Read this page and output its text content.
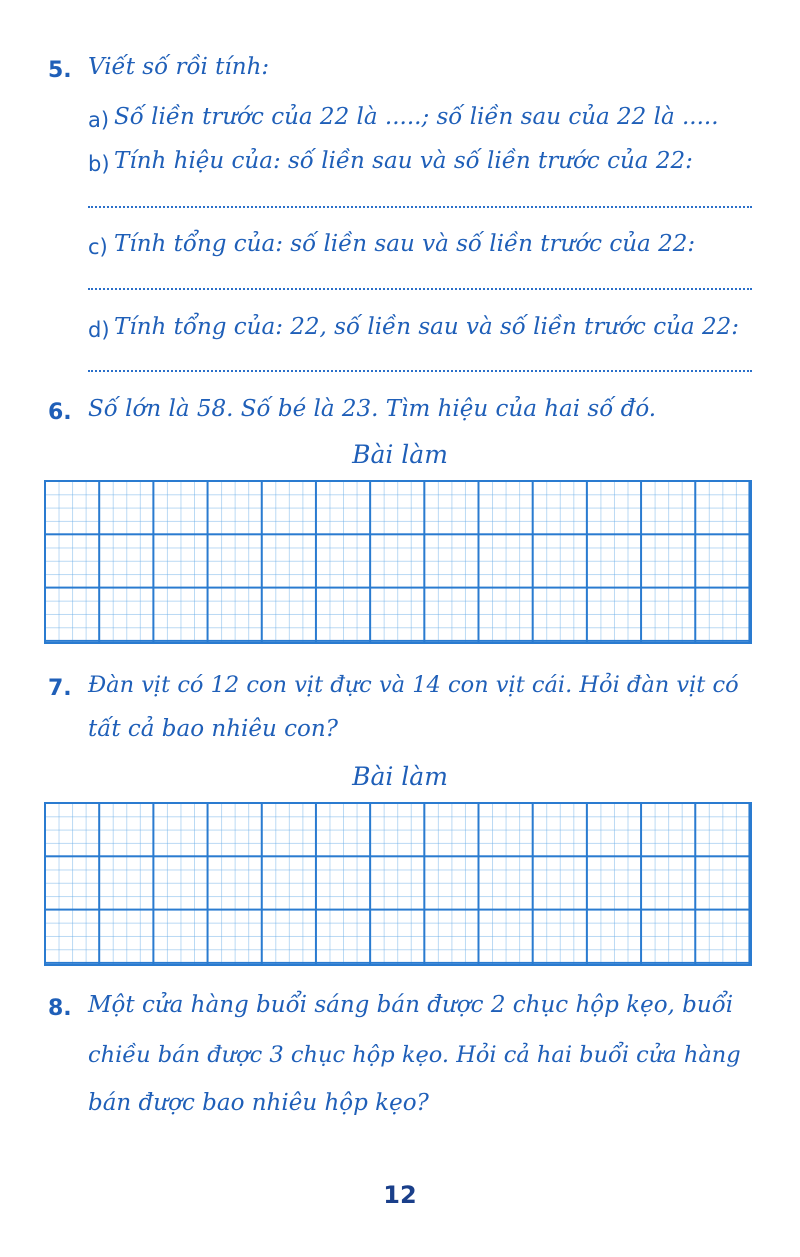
5. Viết số rồi tính:
a) Số liền trước của 22 là .....; số liền sau của 22 là .....
b) Tính hiệu của: số liền sau và số liền trước của 22:
c) Tính tổng của: số liền sau và số liền trước của 22:
d) Tính tổng của: 22, số liền sau và số liền trước của 22:
6. Số lớn là 58. Số bé là 23. Tìm hiệu của hai số đó.
Bài làm
7. Đàn vịt có 12 con vịt đực và 14 con vịt cái. Hỏi đàn vịt có
tất cả bao nhiêu con?
Bài làm
8. Một cửa hàng buổi sáng bán được 2 chục hộp kẹo, buổi
chiều bán được 3 chục hộp kẹo. Hỏi cả hai buổi cửa hàng
bán được bao nhiêu hộp kẹo?
12
